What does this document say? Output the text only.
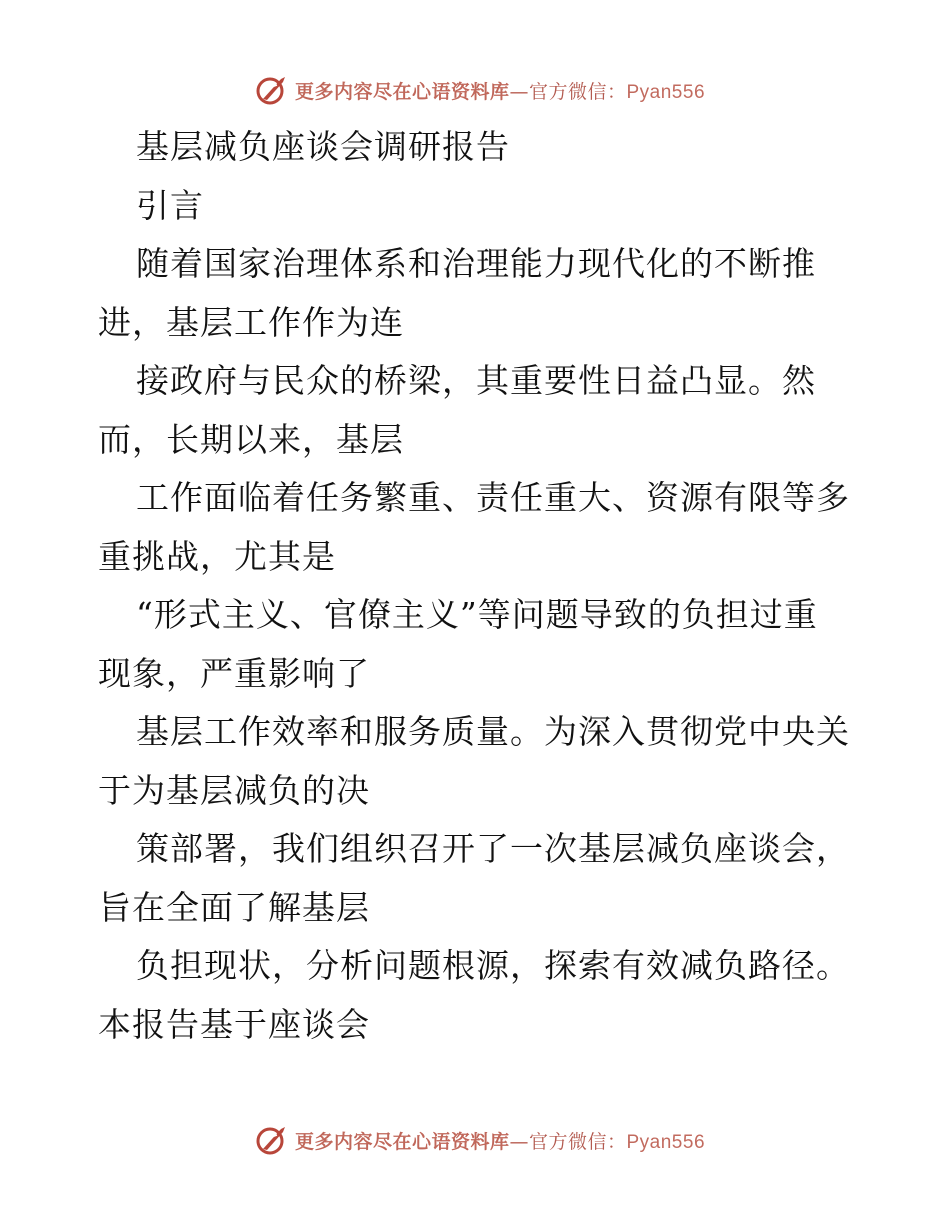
更多内容尽在心语资料库—官方微信：Pyan556
基层减负座谈会调研报告
引言
随着国家治理体系和治理能力现代化的不断推
进，基层工作作为连
接政府与民众的桥梁，其重要性日益凸显。然
而，长期以来，基层
工作面临着任务繁重、责任重大、资源有限等多
重挑战，尤其是
“形式主义、官僚主义”等问题导致的负担过重
现象，严重影响了
基层工作效率和服务质量。为深入贯彻党中央关
于为基层减负的决
策部署，我们组织召开了一次基层减负座谈会，
旨在全面了解基层
负担现状，分析问题根源，探索有效减负路径。
本报告基于座谈会
更多内容尽在心语资料库—官方微信：Pyan556
